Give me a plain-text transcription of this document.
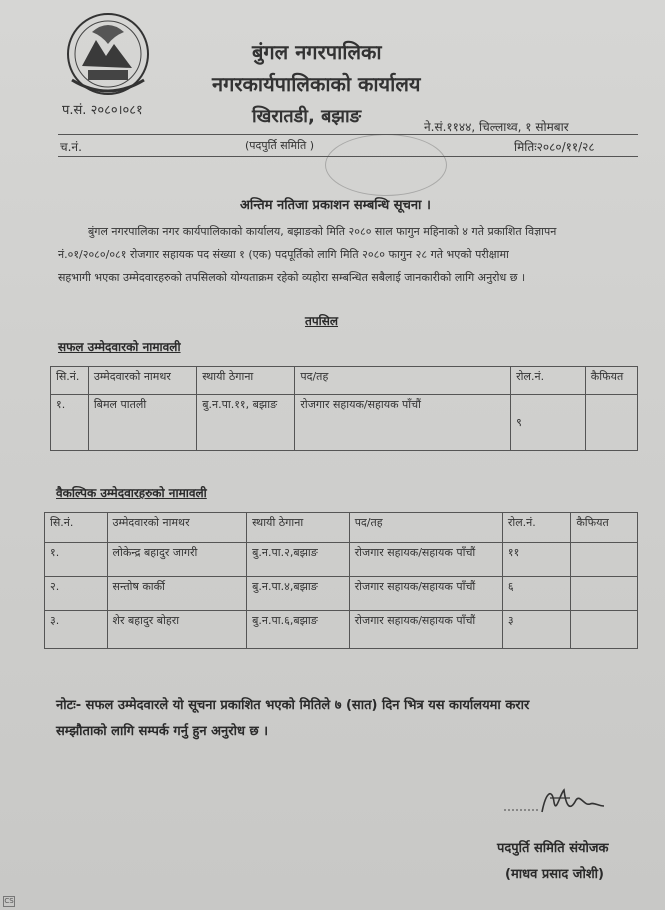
बुंगल नगरपालिका
नगरकार्यपालिकाको कार्यालय
खिरातडी, बझाङ
प.सं. २०८०।०८१
ने.सं.११४४, चिल्लाथ्व, १ सोमबार
च.नं.	(पदपुर्ति समिति )	मितिः२०८०/११/२८
अन्तिम नतिजा प्रकाशन सम्बन्धि सूचना ।
बुंगल नगरपालिका नगर कार्यपालिकाको कार्यालय, बझाङको मिति २०८० साल फागुन महिनाको ४ गते प्रकाशित विज्ञापन
नं.०१/२०८०/०८१ रोजगार सहायक पद संख्या १ (एक) पदपूर्तिको लागि मिति २०८० फागुन २८ गते भएको परीक्षामा
सहभागी भएका उम्मेदवारहरुको तपसिलको योग्यताक्रम रहेको व्यहोरा सम्बन्धित सबैलाई जानकारीको लागि अनुरोध छ ।
तपसिल
सफल उम्मेदवारको नामावली
सि.नं.	उम्मेदवारको नामथर	स्थायी ठेगाना	पद/तह	रोल.नं.	कैफियत
१.	बिमल पातली	बु.न.पा.११, बझाङ	रोजगार सहायक/सहायक पाँचौं	९	
वैकल्पिक उम्मेदवारहरुको नामावली
सि.नं.	उम्मेदवारको नामथर	स्थायी ठेगाना	पद/तह	रोल.नं.	कैफियत
१.	लोकेन्द्र बहादुर जागरी	बु.न.पा.२,बझाङ	रोजगार सहायक/सहायक पाँचौं	११	
२.	सन्तोष कार्की	बु.न.पा.४,बझाङ	रोजगार सहायक/सहायक पाँचौं	६	
३.	शेर बहादुर बोहरा	बु.न.पा.६,बझाङ	रोजगार सहायक/सहायक पाँचौं	३	
नोटः- सफल उम्मेदवारले यो सूचना प्रकाशित भएको मितिले ७ (सात) दिन भित्र यस कार्यालयमा करार
सम्झौताको लागि सम्पर्क गर्नु हुन अनुरोध छ ।
पदपुर्ति समिति संयोजक
(माधव प्रसाद जोशी)
CS
